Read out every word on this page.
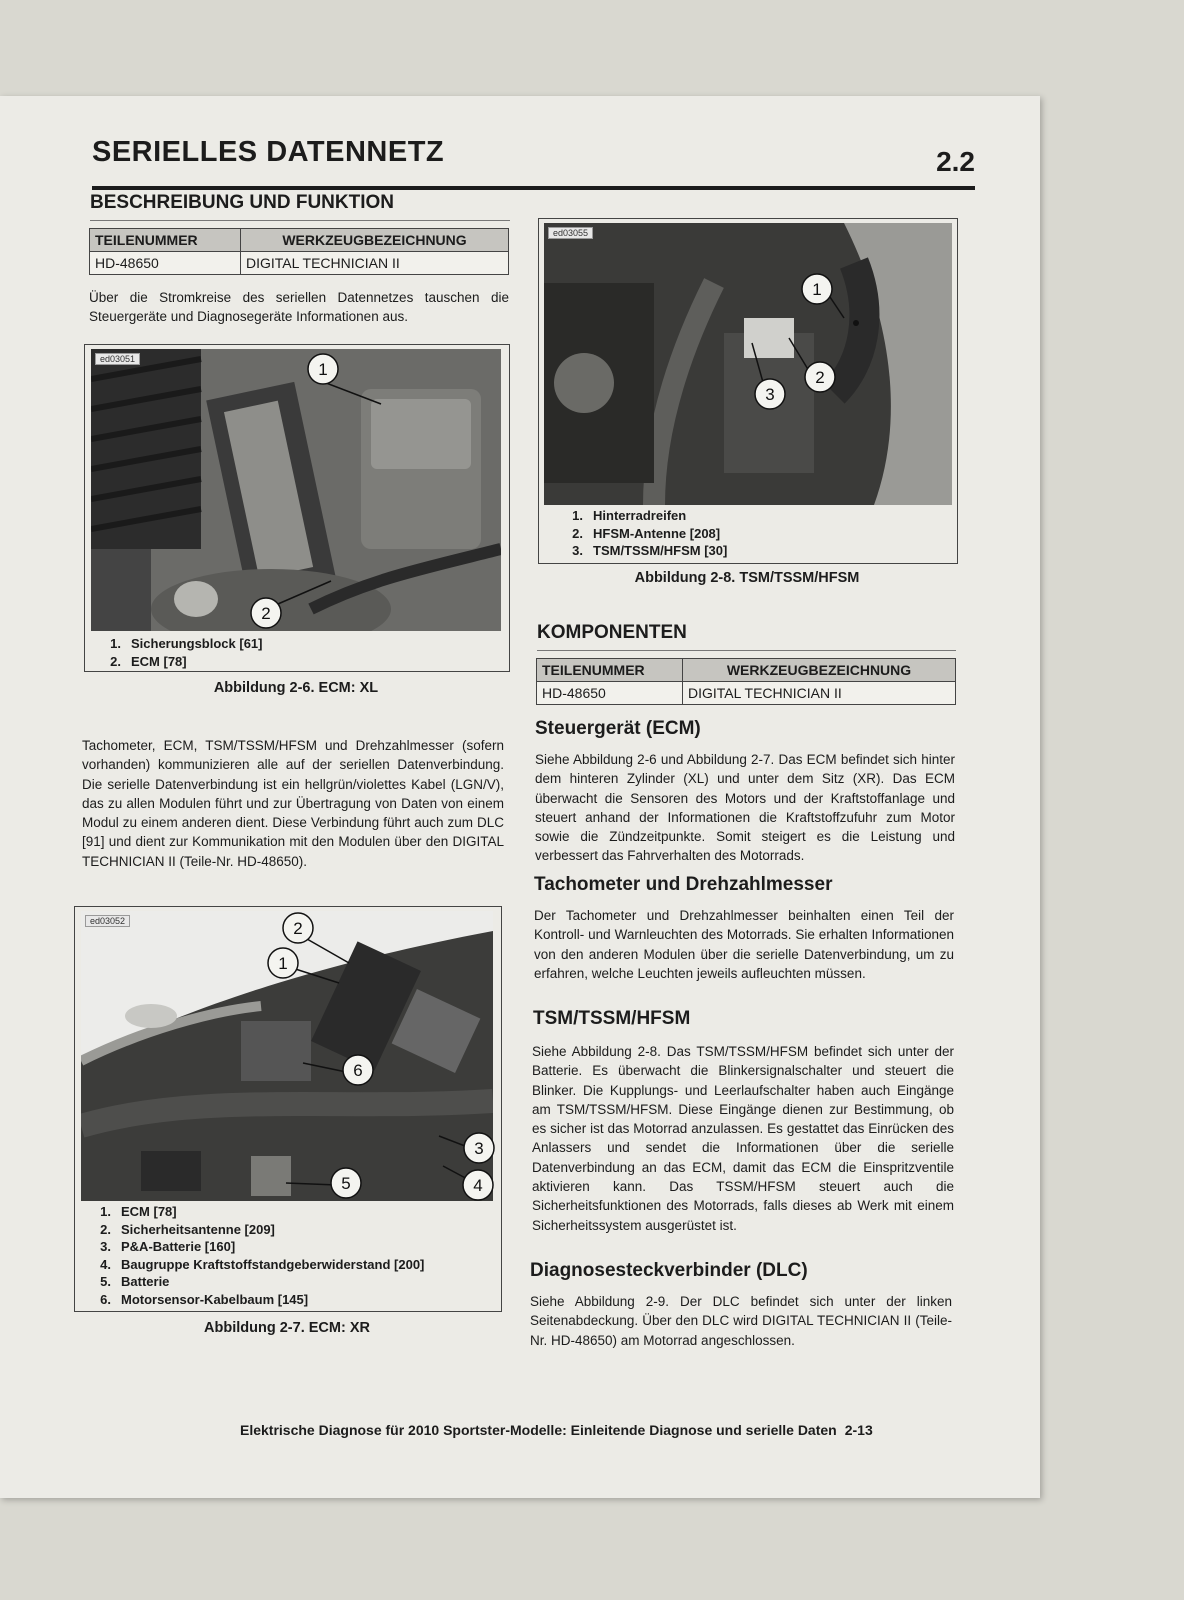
SERIELLES DATENNETZ	2.2
BESCHREIBUNG UND FUNKTION
TEILENUMMER	WERKZEUGBEZEICHNUNG
HD-48650	DIGITAL TECHNICIAN II
Über die Stromkreise des seriellen Datennetzes tauschen die Steuergeräte und Diagnosegeräte Informationen aus.
ed03051
1
2
1. Sicherungsblock [61]
2. ECM [78]
Abbildung 2-6. ECM: XL
Tachometer, ECM, TSM/TSSM/HFSM und Drehzahlmesser (sofern vorhanden) kommunizieren alle auf der seriellen Datenverbindung. Die serielle Datenverbindung ist ein hellgrün/violettes Kabel (LGN/V), das zu allen Modulen führt und zur Übertragung von Daten von einem Modul zu einem anderen dient. Diese Verbindung führt auch zum DLC [91] und dient zur Kommunikation mit den Modulen über den DIGITAL TECHNICIAN II (Teile-Nr. HD-48650).
ed03052	2
1
6
3
4
5
1. ECM [78]
2. Sicherheitsantenne [209]
3. P&A-Batterie [160]
4. Baugruppe Kraftstoffstandgeberwiderstand [200]
5. Batterie
6. Motorsensor-Kabelbaum [145]
Abbildung 2-7. ECM: XR
ed03055
1
2
3
1. Hinterradreifen
2. HFSM-Antenne [208]
3. TSM/TSSM/HFSM [30]
Abbildung 2-8. TSM/TSSM/HFSM
KOMPONENTEN
TEILENUMMER	WERKZEUGBEZEICHNUNG
HD-48650	DIGITAL TECHNICIAN II
Steuergerät (ECM)
Siehe Abbildung 2-6 und Abbildung 2-7. Das ECM befindet sich hinter dem hinteren Zylinder (XL) und unter dem Sitz (XR). Das ECM überwacht die Sensoren des Motors und der Kraftstoffanlage und steuert anhand der Informationen die Kraftstoffzufuhr zum Motor sowie die Zündzeitpunkte. Somit steigert es die Leistung und verbessert das Fahrverhalten des Motorrads.
Tachometer und Drehzahlmesser
Der Tachometer und Drehzahlmesser beinhalten einen Teil der Kontroll- und Warnleuchten des Motorrads. Sie erhalten Informationen von den anderen Modulen über die serielle Datenverbindung, um zu erfahren, welche Leuchten jeweils aufleuchten müssen.
TSM/TSSM/HFSM
Siehe Abbildung 2-8. Das TSM/TSSM/HFSM befindet sich unter der Batterie. Es überwacht die Blinkersignalschalter und steuert die Blinker. Die Kupplungs- und Leerlaufschalter haben auch Eingänge am TSM/TSSM/HFSM. Diese Eingänge dienen zur Bestimmung, ob es sicher ist das Motorrad anzulassen. Es gestattet das Einrücken des Anlassers und sendet die Informationen über die serielle Datenverbindung an das ECM, damit das ECM die Einspritzventile aktivieren kann. Das TSSM/HFSM steuert auch die Sicherheitsfunktionen des Motorrads, falls dieses ab Werk mit einem Sicherheitssystem ausgerüstet ist.
Diagnosesteckverbinder (DLC)
Siehe Abbildung 2-9. Der DLC befindet sich unter der linken Seitenabdeckung. Über den DLC wird DIGITAL TECHNICIAN II (Teile-Nr. HD-48650) am Motorrad angeschlossen.
Elektrische Diagnose für 2010 Sportster-Modelle: Einleitende Diagnose und serielle Daten 2-13
